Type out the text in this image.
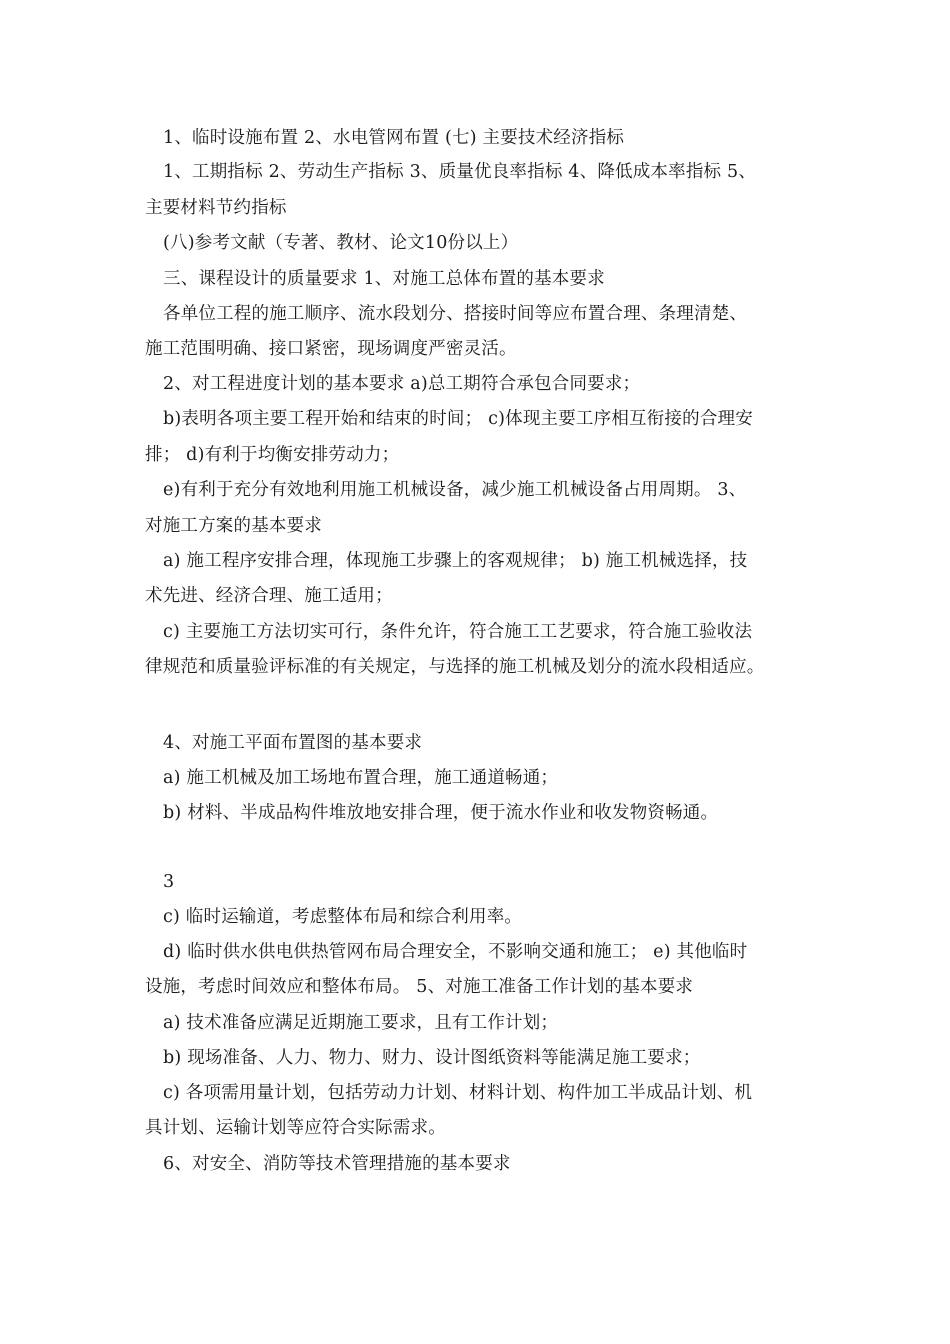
1、临时设施布置 2、水电管网布置 (七) 主要技术经济指标
1、工期指标 2、劳动生产指标 3、质量优良率指标 4、降低成本率指标 5、
主要材料节约指标
(八)参考文献（专著、教材、论文10份以上）
三、课程设计的质量要求 1、对施工总体布置的基本要求
各单位工程的施工顺序、流水段划分、搭接时间等应布置合理、条理清楚、
施工范围明确、接口紧密，现场调度严密灵活。
2、对工程进度计划的基本要求 a)总工期符合承包合同要求；
b)表明各项主要工程开始和结束的时间； c)体现主要工序相互衔接的合理安
排； d)有利于均衡安排劳动力；
e)有利于充分有效地利用施工机械设备，减少施工机械设备占用周期。 3、
对施工方案的基本要求
a) 施工程序安排合理，体现施工步骤上的客观规律； b) 施工机械选择，技
术先进、经济合理、施工适用；
c) 主要施工方法切实可行，条件允许，符合施工工艺要求，符合施工验收法
律规范和质量验评标准的有关规定，与选择的施工机械及划分的流水段相适应。
4、对施工平面布置图的基本要求
a) 施工机械及加工场地布置合理，施工通道畅通；
b) 材料、半成品构件堆放地安排合理，便于流水作业和收发物资畅通。
3
c) 临时运输道，考虑整体布局和综合利用率。
d) 临时供水供电供热管网布局合理安全，不影响交通和施工； e) 其他临时
设施，考虑时间效应和整体布局。 5、对施工准备工作计划的基本要求
a) 技术准备应满足近期施工要求，且有工作计划；
b) 现场准备、人力、物力、财力、设计图纸资料等能满足施工要求；
c) 各项需用量计划，包括劳动力计划、材料计划、构件加工半成品计划、机
具计划、运输计划等应符合实际需求。
6、对安全、消防等技术管理措施的基本要求
